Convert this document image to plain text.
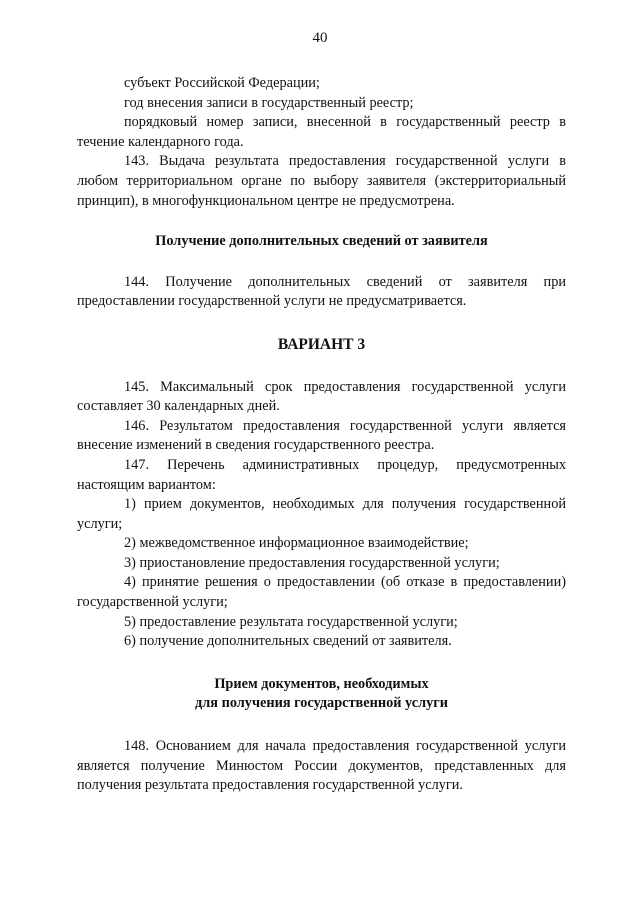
40

субъект Российской Федерации;

год внесения записи в государственный реестр;

порядковый номер записи, внесенной в государственный реестр в течение календарного года.

143. Выдача результата предоставления государственной услуги в любом территориальном органе по выбору заявителя (экстерриториальный принцип), в многофункциональном центре не предусмотрена.

Получение дополнительных сведений от заявителя

144. Получение дополнительных сведений от заявителя при предоставлении государственной услуги не предусматривается.

ВАРИАНТ 3

145. Максимальный срок предоставления государственной услуги составляет 30 календарных дней.

146. Результатом предоставления государственной услуги является внесение изменений в сведения государственного реестра.

147. Перечень административных процедур, предусмотренных настоящим вариантом:

1) прием документов, необходимых для получения государственной услуги;

2) межведомственное информационное взаимодействие;

3) приостановление предоставления государственной услуги;

4) принятие решения о предоставлении (об отказе в предоставлении) государственной услуги;

5) предоставление результата государственной услуги;

6) получение дополнительных сведений от заявителя.

Прием документов, необходимых

для получения государственной услуги

148. Основанием для начала предоставления государственной услуги является получение Минюстом России документов, представленных для получения результата предоставления государственной услуги.
